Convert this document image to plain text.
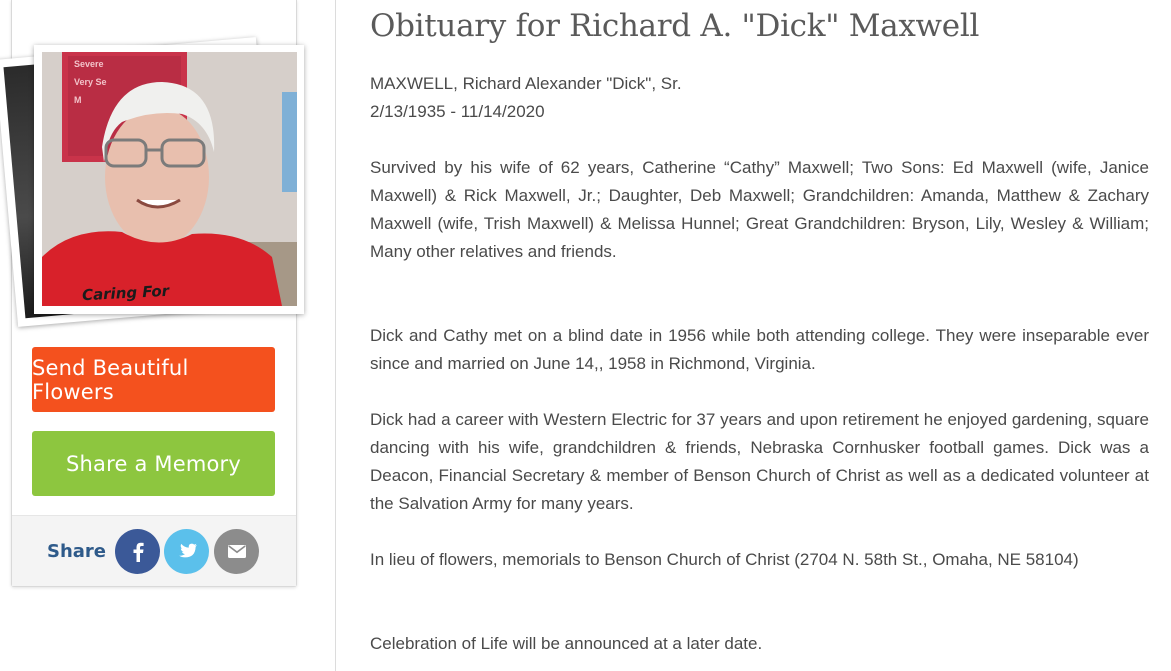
Severe
Very Se
M
Caring For
Send Beautiful Flowers
Share a Memory
Share
Obituary for Richard A. "Dick" Maxwell
MAXWELL, Richard Alexander "Dick", Sr.
2/13/1935 - 11/14/2020

Survived by his wife of 62 years, Catherine “Cathy” Maxwell; Two Sons: Ed Maxwell (wife, Janice Maxwell) & Rick Maxwell, Jr.; Daughter, Deb Maxwell; Grandchildren: Amanda, Matthew & Zachary Maxwell (wife, Trish Maxwell) & Melissa Hunnel; Great Grandchildren: Bryson, Lily, Wesley & William; Many other relatives and friends.

Dick and Cathy met on a blind date in 1956 while both attending college. They were inseparable ever since and married on June 14,, 1958 in Richmond, Virginia.

Dick had a career with Western Electric for 37 years and upon retirement he enjoyed gardening, square dancing with his wife, grandchildren & friends, Nebraska Cornhusker football games. Dick was a Deacon, Financial Secretary & member of Benson Church of Christ as well as a dedicated volunteer at the Salvation Army for many years.

In lieu of flowers, memorials to Benson Church of Christ (2704 N. 58th St., Omaha, NE 58104)

Celebration of Life will be announced at a later date.
